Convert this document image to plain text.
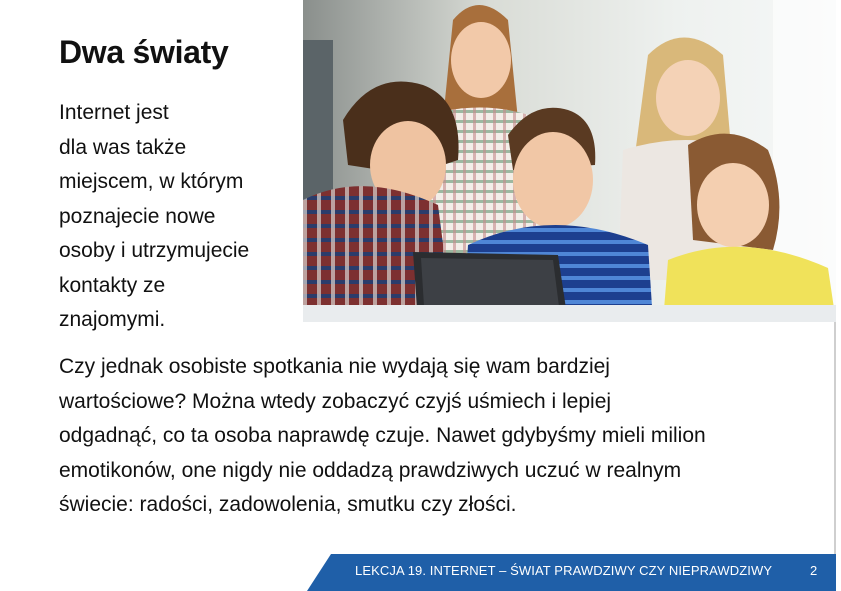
Dwa światy

Internet jest
dla was także
miejscem, w którym
poznajecie nowe
osoby i utrzymujecie
kontakty ze
znajomymi.

Czy jednak osobiste spotkania nie wydają się wam bardziej
wartościowe? Można wtedy zobaczyć czyjś uśmiech i lepiej
odgadnąć, co ta osoba naprawdę czuje. Nawet gdybyśmy mieli milion
emotikonów, one nigdy nie oddadzą prawdziwych uczuć w realnym
świecie: radości, zadowolenia, smutku czy złości.

LEKCJA 19. INTERNET – ŚWIAT PRAWDZIWY CZY NIEPRAWDZIWY	2
